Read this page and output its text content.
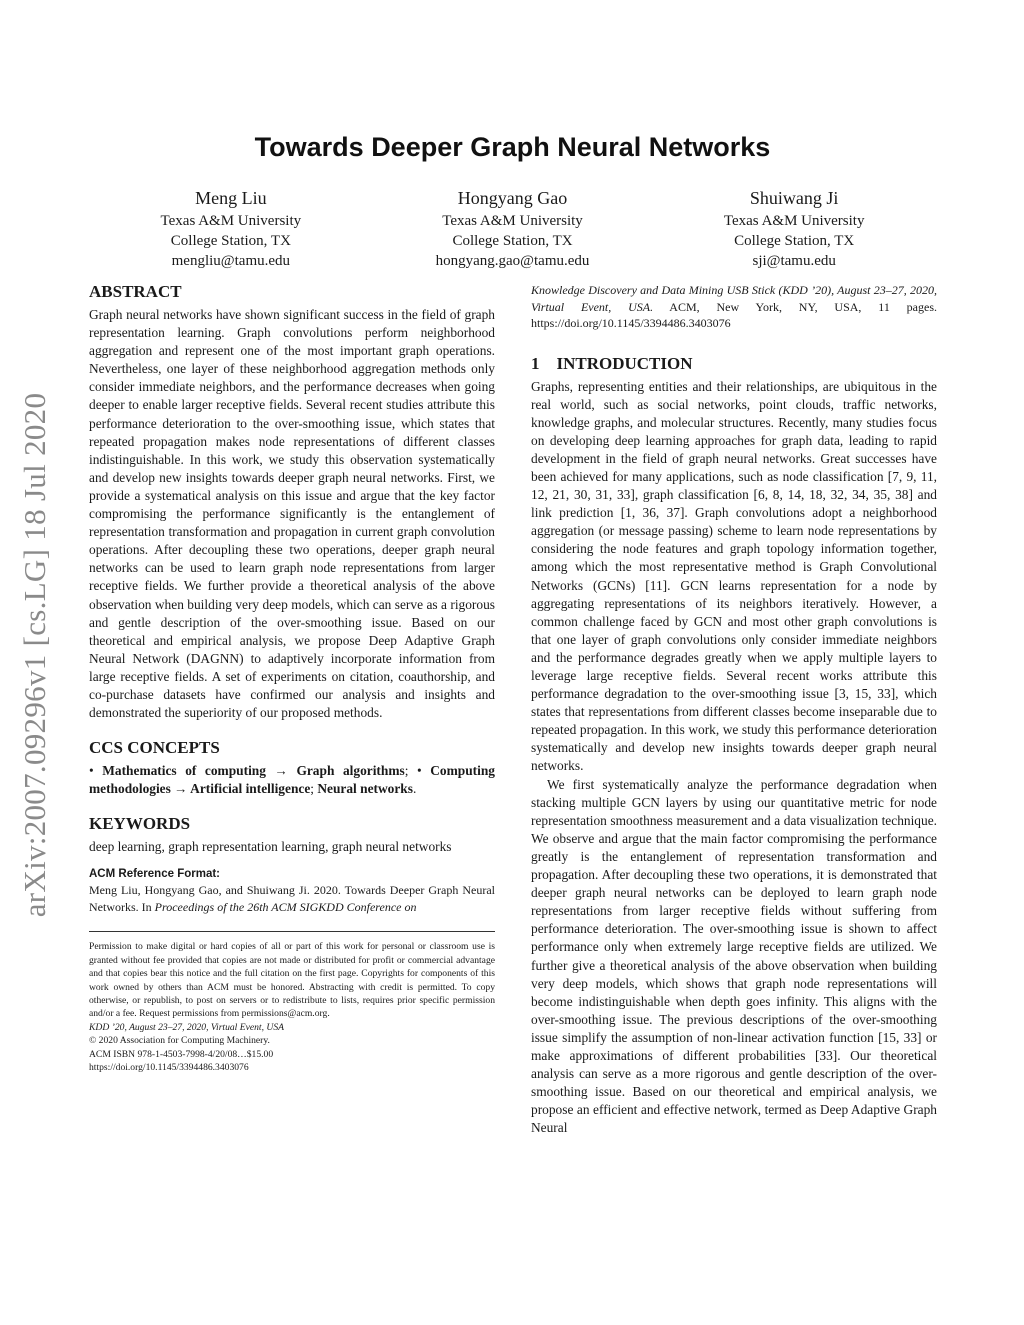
arXiv:2007.09296v1 [cs.LG] 18 Jul 2020
Towards Deeper Graph Neural Networks
Meng Liu
Texas A&M University
College Station, TX
mengliu@tamu.edu
Hongyang Gao
Texas A&M University
College Station, TX
hongyang.gao@tamu.edu
Shuiwang Ji
Texas A&M University
College Station, TX
sji@tamu.edu
ABSTRACT

Graph neural networks have shown significant success in the field of graph representation learning. Graph convolutions perform neighborhood aggregation and represent one of the most important graph operations. Nevertheless, one layer of these neighborhood aggregation methods only consider immediate neighbors, and the performance decreases when going deeper to enable larger receptive fields. Several recent studies attribute this performance deterioration to the over-smoothing issue, which states that repeated propagation makes node representations of different classes indistinguishable. In this work, we study this observation systematically and develop new insights towards deeper graph neural networks. First, we provide a systematical analysis on this issue and argue that the key factor compromising the performance significantly is the entanglement of representation transformation and propagation in current graph convolution operations. After decoupling these two operations, deeper graph neural networks can be used to learn graph node representations from larger receptive fields. We further provide a theoretical analysis of the above observation when building very deep models, which can serve as a rigorous and gentle description of the over-smoothing issue. Based on our theoretical and empirical analysis, we propose Deep Adaptive Graph Neural Network (DAGNN) to adaptively incorporate information from large receptive fields. A set of experiments on citation, coauthorship, and co-purchase datasets have confirmed our analysis and insights and demonstrated the superiority of our proposed methods.

CCS CONCEPTS

• Mathematics of computing → Graph algorithms; • Computing methodologies → Artificial intelligence; Neural networks.

KEYWORDS

deep learning, graph representation learning, graph neural networks

ACM Reference Format:

Meng Liu, Hongyang Gao, and Shuiwang Ji. 2020. Towards Deeper Graph Neural Networks. In Proceedings of the 26th ACM SIGKDD Conference on

Permission to make digital or hard copies of all or part of this work for personal or classroom use is granted without fee provided that copies are not made or distributed for profit or commercial advantage and that copies bear this notice and the full citation on the first page. Copyrights for components of this work owned by others than ACM must be honored. Abstracting with credit is permitted. To copy otherwise, or republish, to post on servers or to redistribute to lists, requires prior specific permission and/or a fee. Request permissions from permissions@acm.org.

KDD ’20, August 23–27, 2020, Virtual Event, USA

© 2020 Association for Computing Machinery.

ACM ISBN 978-1-4503-7998-4/20/08…$15.00

https://doi.org/10.1145/3394486.3403076

Knowledge Discovery and Data Mining USB Stick (KDD ’20), August 23–27, 2020, Virtual Event, USA. ACM, New York, NY, USA, 11 pages. https://doi.org/10.1145/3394486.3403076

1    INTRODUCTION

Graphs, representing entities and their relationships, are ubiquitous in the real world, such as social networks, point clouds, traffic networks, knowledge graphs, and molecular structures. Recently, many studies focus on developing deep learning approaches for graph data, leading to rapid development in the field of graph neural networks. Great successes have been achieved for many applications, such as node classification [7, 9, 11, 12, 21, 30, 31, 33], graph classification [6, 8, 14, 18, 32, 34, 35, 38] and link prediction [1, 36, 37]. Graph convolutions adopt a neighborhood aggregation (or message passing) scheme to learn node representations by considering the node features and graph topology information together, among which the most representative method is Graph Convolutional Networks (GCNs) [11]. GCN learns representation for a node by aggregating representations of its neighbors iteratively. However, a common challenge faced by GCN and most other graph convolutions is that one layer of graph convolutions only consider immediate neighbors and the performance degrades greatly when we apply multiple layers to leverage large receptive fields. Several recent works attribute this performance degradation to the over-smoothing issue [3, 15, 33], which states that representations from different classes become inseparable due to repeated propagation. In this work, we study this performance deterioration systematically and develop new insights towards deeper graph neural networks.

We first systematically analyze the performance degradation when stacking multiple GCN layers by using our quantitative metric for node representation smoothness measurement and a data visualization technique. We observe and argue that the main factor compromising the performance greatly is the entanglement of representation transformation and propagation. After decoupling these two operations, it is demonstrated that deeper graph neural networks can be deployed to learn graph node representations from larger receptive fields without suffering from performance deterioration. The over-smoothing issue is shown to affect performance only when extremely large receptive fields are utilized. We further give a theoretical analysis of the above observation when building very deep models, which shows that graph node representations will become indistinguishable when depth goes infinity. This aligns with the over-smoothing issue. The previous descriptions of the over-smoothing issue simplify the assumption of non-linear activation function [15, 33] or make approximations of different probabilities [33]. Our theoretical analysis can serve as a more rigorous and gentle description of the over-smoothing issue. Based on our theoretical and empirical analysis, we propose an efficient and effective network, termed as Deep Adaptive Graph Neural
